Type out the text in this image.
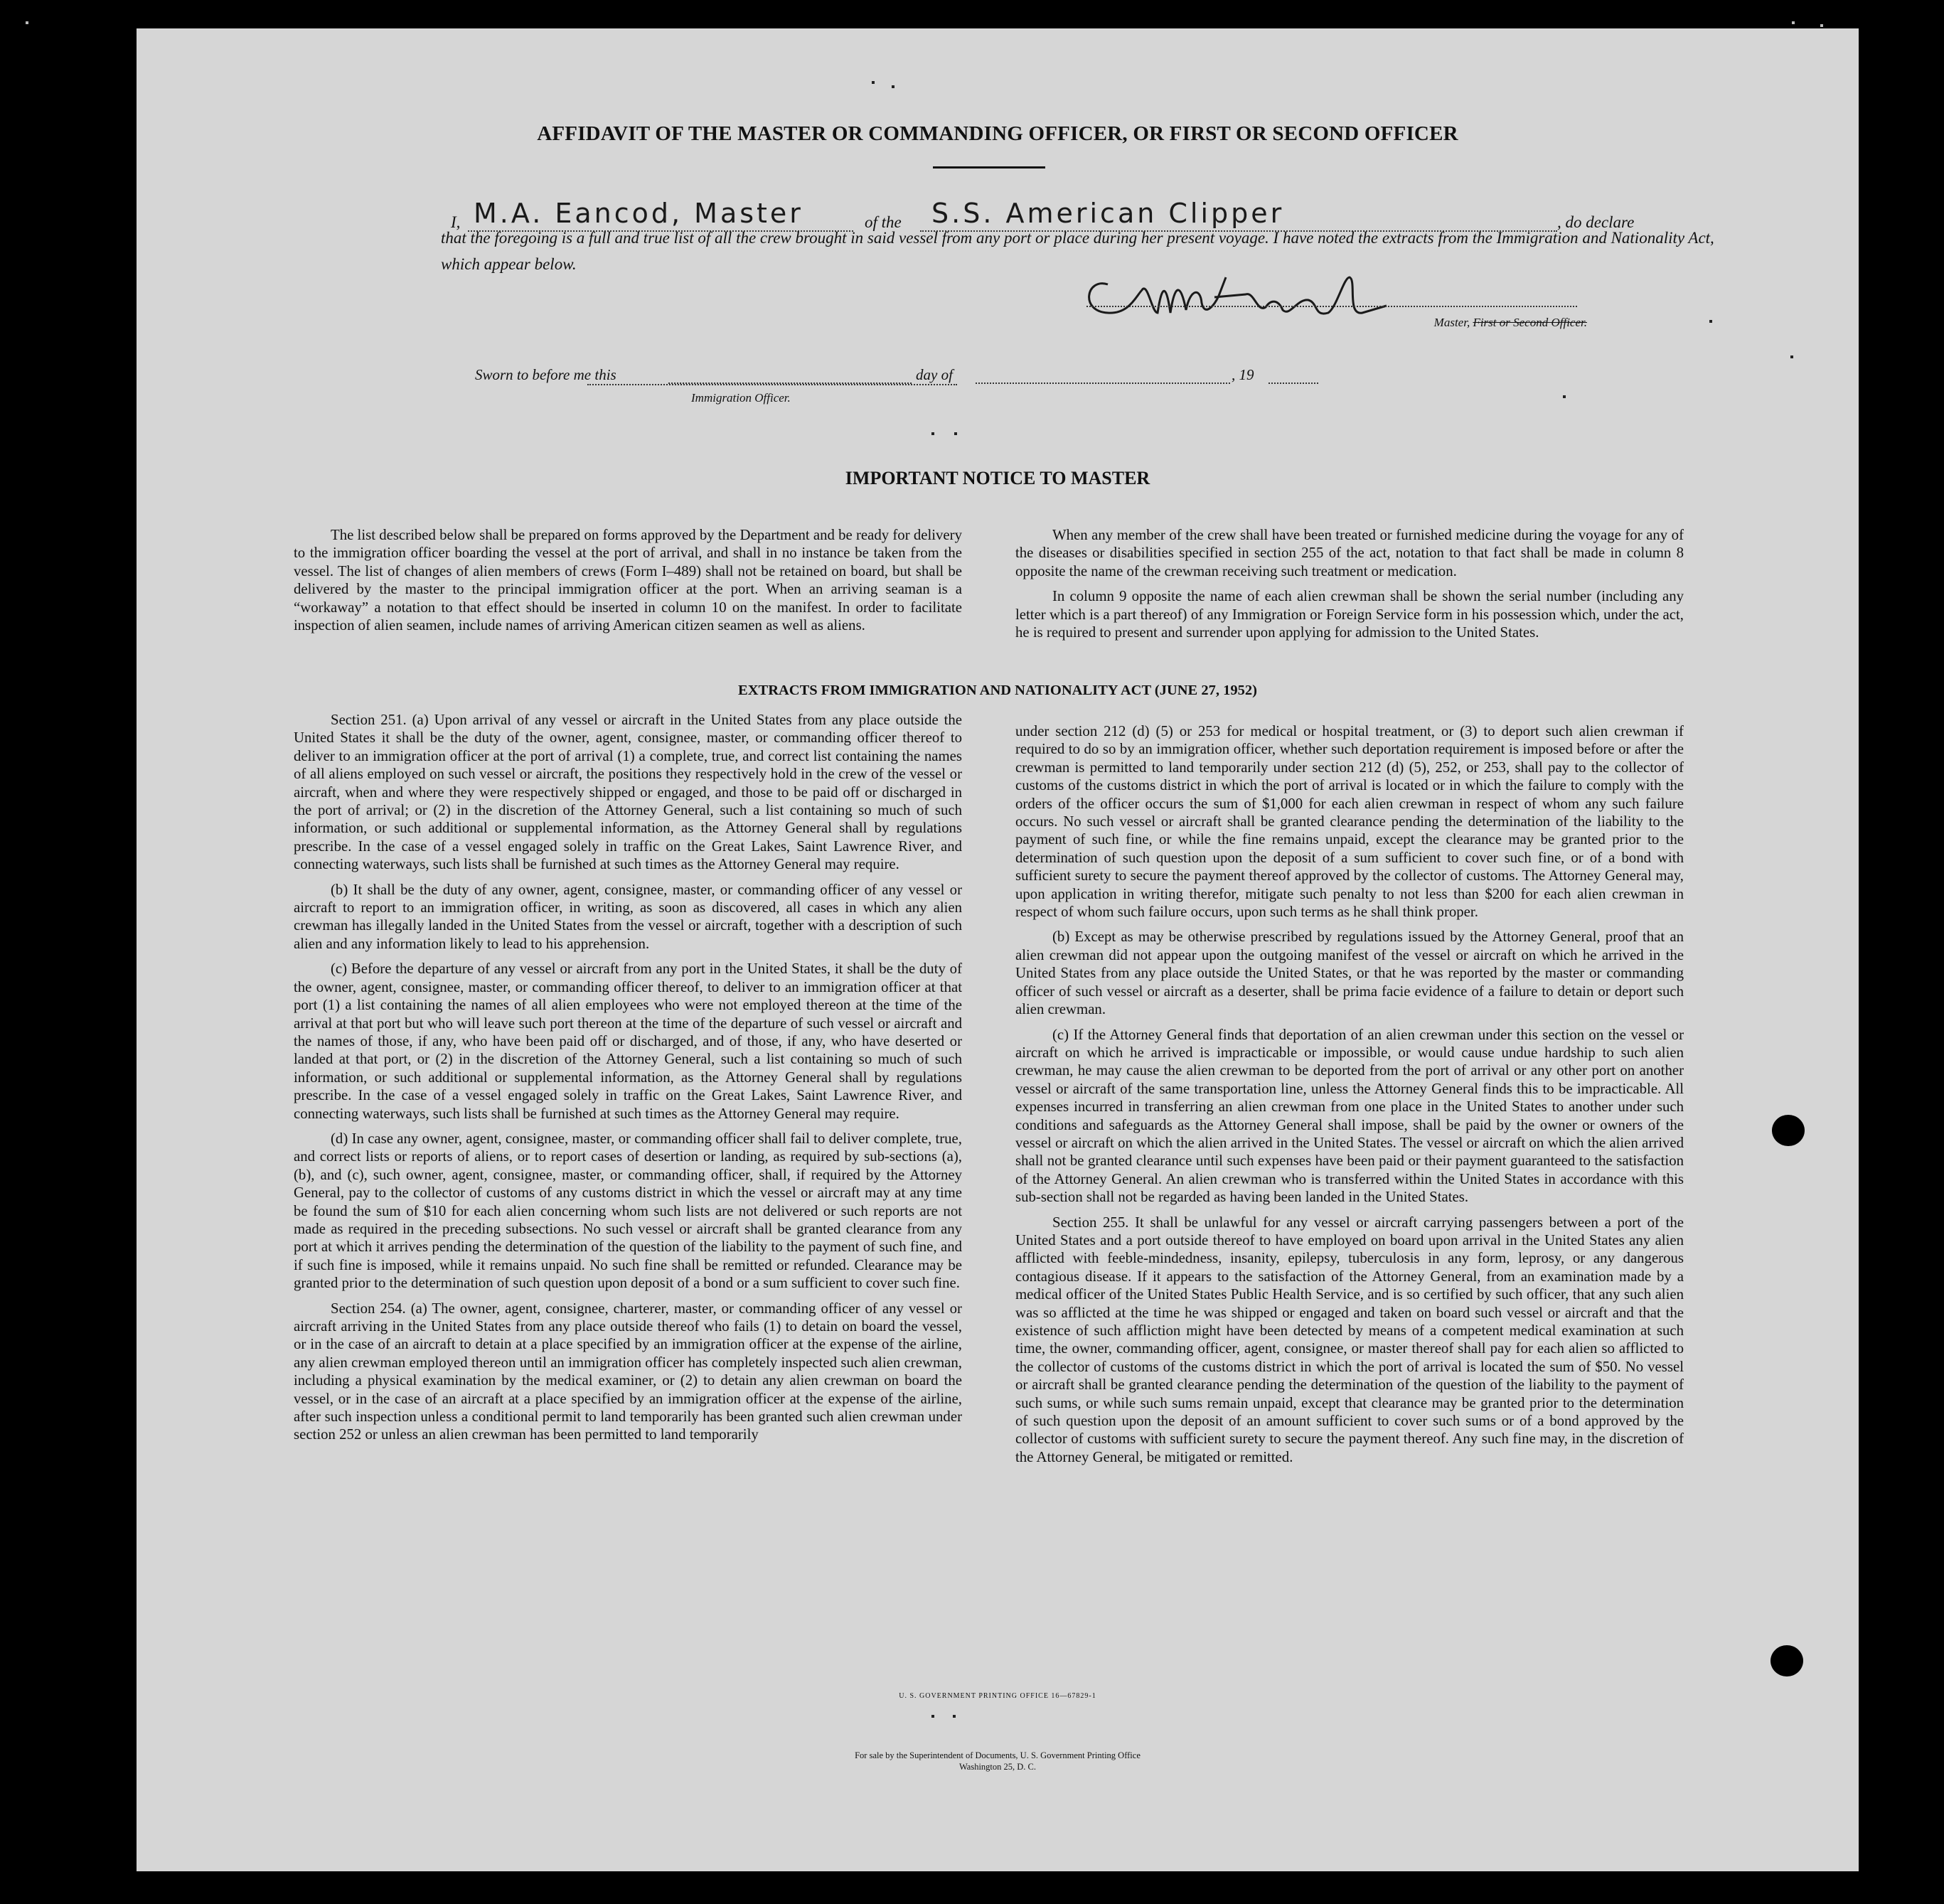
AFFIDAVIT OF THE MASTER OR COMMANDING OFFICER, OR FIRST OR SECOND OFFICER
I, M.A. Eancod, Master	of the S.S. American Clipper	, do declare
that the foregoing is a full and true list of all the crew brought in said vessel from any port or place during her present voyage. I have noted the extracts from the Immigration and Nationality Act, which appear below.
Master, First or Second Officer.
Sworn to before me this	day of	, 19
Immigration Officer.
IMPORTANT NOTICE TO MASTER

The list described below shall be prepared on forms approved by the Department and be ready for delivery to the immigration officer boarding the vessel at the port of arrival, and shall in no instance be taken from the vessel. The list of changes of alien members of crews (Form I–489) shall not be retained on board, but shall be delivered by the master to the principal immigration officer at the port. When an arriving seaman is a “workaway” a notation to that effect should be inserted in column 10 on the manifest. In order to facilitate inspection of alien seamen, include names of arriving American citizen seamen as well as aliens.

When any member of the crew shall have been treated or furnished medicine during the voyage for any of the diseases or disabilities specified in section 255 of the act, notation to that fact shall be made in column 8 opposite the name of the crewman receiving such treatment or medication.

In column 9 opposite the name of each alien crewman shall be shown the serial number (including any letter which is a part thereof) of any Immigration or Foreign Service form in his possession which, under the act, he is required to present and surrender upon applying for admission to the United States.

EXTRACTS FROM IMMIGRATION AND NATIONALITY ACT (JUNE 27, 1952)

Section 251. (a) Upon arrival of any vessel or aircraft in the United States from any place outside the United States it shall be the duty of the owner, agent, consignee, master, or commanding officer thereof to deliver to an immigration officer at the port of arrival (1) a complete, true, and correct list containing the names of all aliens employed on such vessel or aircraft, the positions they respectively hold in the crew of the vessel or aircraft, when and where they were respectively shipped or engaged, and those to be paid off or discharged in the port of arrival; or (2) in the discretion of the Attorney General, such a list containing so much of such information, or such additional or supplemental information, as the Attorney General shall by regulations prescribe. In the case of a vessel engaged solely in traffic on the Great Lakes, Saint Lawrence River, and connecting waterways, such lists shall be furnished at such times as the Attorney General may require.

(b) It shall be the duty of any owner, agent, consignee, master, or commanding officer of any vessel or aircraft to report to an immigration officer, in writing, as soon as discovered, all cases in which any alien crewman has illegally landed in the United States from the vessel or aircraft, together with a description of such alien and any information likely to lead to his apprehension.

(c) Before the departure of any vessel or aircraft from any port in the United States, it shall be the duty of the owner, agent, consignee, master, or commanding officer thereof, to deliver to an immigration officer at that port (1) a list containing the names of all alien employees who were not employed thereon at the time of the arrival at that port but who will leave such port thereon at the time of the departure of such vessel or aircraft and the names of those, if any, who have been paid off or discharged, and of those, if any, who have deserted or landed at that port, or (2) in the discretion of the Attorney General, such a list containing so much of such information, or such additional or supplemental information, as the Attorney General shall by regulations prescribe. In the case of a vessel engaged solely in traffic on the Great Lakes, Saint Lawrence River, and connecting waterways, such lists shall be furnished at such times as the Attorney General may require.

(d) In case any owner, agent, consignee, master, or commanding officer shall fail to deliver complete, true, and correct lists or reports of aliens, or to report cases of desertion or landing, as required by sub-sections (a), (b), and (c), such owner, agent, consignee, master, or commanding officer, shall, if required by the Attorney General, pay to the collector of customs of any customs district in which the vessel or aircraft may at any time be found the sum of $10 for each alien concerning whom such lists are not delivered or such reports are not made as required in the preceding subsections. No such vessel or aircraft shall be granted clearance from any port at which it arrives pending the determination of the question of the liability to the payment of such fine, and if such fine is imposed, while it remains unpaid. No such fine shall be remitted or refunded. Clearance may be granted prior to the determination of such question upon deposit of a bond or a sum sufficient to cover such fine.

Section 254. (a) The owner, agent, consignee, charterer, master, or commanding officer of any vessel or aircraft arriving in the United States from any place outside thereof who fails (1) to detain on board the vessel, or in the case of an aircraft to detain at a place specified by an immigration officer at the expense of the airline, any alien crewman employed thereon until an immigration officer has completely inspected such alien crewman, including a physical examination by the medical examiner, or (2) to detain any alien crewman on board the vessel, or in the case of an aircraft at a place specified by an immigration officer at the expense of the airline, after such inspection unless a conditional permit to land temporarily has been granted such alien crewman under section 252 or unless an alien crewman has been permitted to land temporarily

under section 212 (d) (5) or 253 for medical or hospital treatment, or (3) to deport such alien crewman if required to do so by an immigration officer, whether such deportation requirement is imposed before or after the crewman is permitted to land temporarily under section 212 (d) (5), 252, or 253, shall pay to the collector of customs of the customs district in which the port of arrival is located or in which the failure to comply with the orders of the officer occurs the sum of $1,000 for each alien crewman in respect of whom any such failure occurs. No such vessel or aircraft shall be granted clearance pending the determination of the liability to the payment of such fine, or while the fine remains unpaid, except the clearance may be granted prior to the determination of such question upon the deposit of a sum sufficient to cover such fine, or of a bond with sufficient surety to secure the payment thereof approved by the collector of customs. The Attorney General may, upon application in writing therefor, mitigate such penalty to not less than $200 for each alien crewman in respect of whom such failure occurs, upon such terms as he shall think proper.

(b) Except as may be otherwise prescribed by regulations issued by the Attorney General, proof that an alien crewman did not appear upon the outgoing manifest of the vessel or aircraft on which he arrived in the United States from any place outside the United States, or that he was reported by the master or commanding officer of such vessel or aircraft as a deserter, shall be prima facie evidence of a failure to detain or deport such alien crewman.

(c) If the Attorney General finds that deportation of an alien crewman under this section on the vessel or aircraft on which he arrived is impracticable or impossible, or would cause undue hardship to such alien crewman, he may cause the alien crewman to be deported from the port of arrival or any other port on another vessel or aircraft of the same transportation line, unless the Attorney General finds this to be impracticable. All expenses incurred in transferring an alien crewman from one place in the United States to another under such conditions and safeguards as the Attorney General shall impose, shall be paid by the owner or owners of the vessel or aircraft on which the alien arrived in the United States. The vessel or aircraft on which the alien arrived shall not be granted clearance until such expenses have been paid or their payment guaranteed to the satisfaction of the Attorney General. An alien crewman who is transferred within the United States in accordance with this sub-section shall not be regarded as having been landed in the United States.

Section 255. It shall be unlawful for any vessel or aircraft carrying passengers between a port of the United States and a port outside thereof to have employed on board upon arrival in the United States any alien afflicted with feeble-mindedness, insanity, epilepsy, tuberculosis in any form, leprosy, or any dangerous contagious disease. If it appears to the satisfaction of the Attorney General, from an examination made by a medical officer of the United States Public Health Service, and is so certified by such officer, that any such alien was so afflicted at the time he was shipped or engaged and taken on board such vessel or aircraft and that the existence of such affliction might have been detected by means of a competent medical examination at such time, the owner, commanding officer, agent, consignee, or master thereof shall pay for each alien so afflicted to the collector of customs of the customs district in which the port of arrival is located the sum of $50. No vessel or aircraft shall be granted clearance pending the determination of the question of the liability to the payment of such sums, or while such sums remain unpaid, except that clearance may be granted prior to the determination of such question upon the deposit of an amount sufficient to cover such sums or of a bond approved by the collector of customs with sufficient surety to secure the payment thereof. Any such fine may, in the discretion of the Attorney General, be mitigated or remitted.

U. S. GOVERNMENT PRINTING OFFICE 16—67829-1
For sale by the Superintendent of Documents, U. S. Government Printing Office
Washington 25, D. C.
